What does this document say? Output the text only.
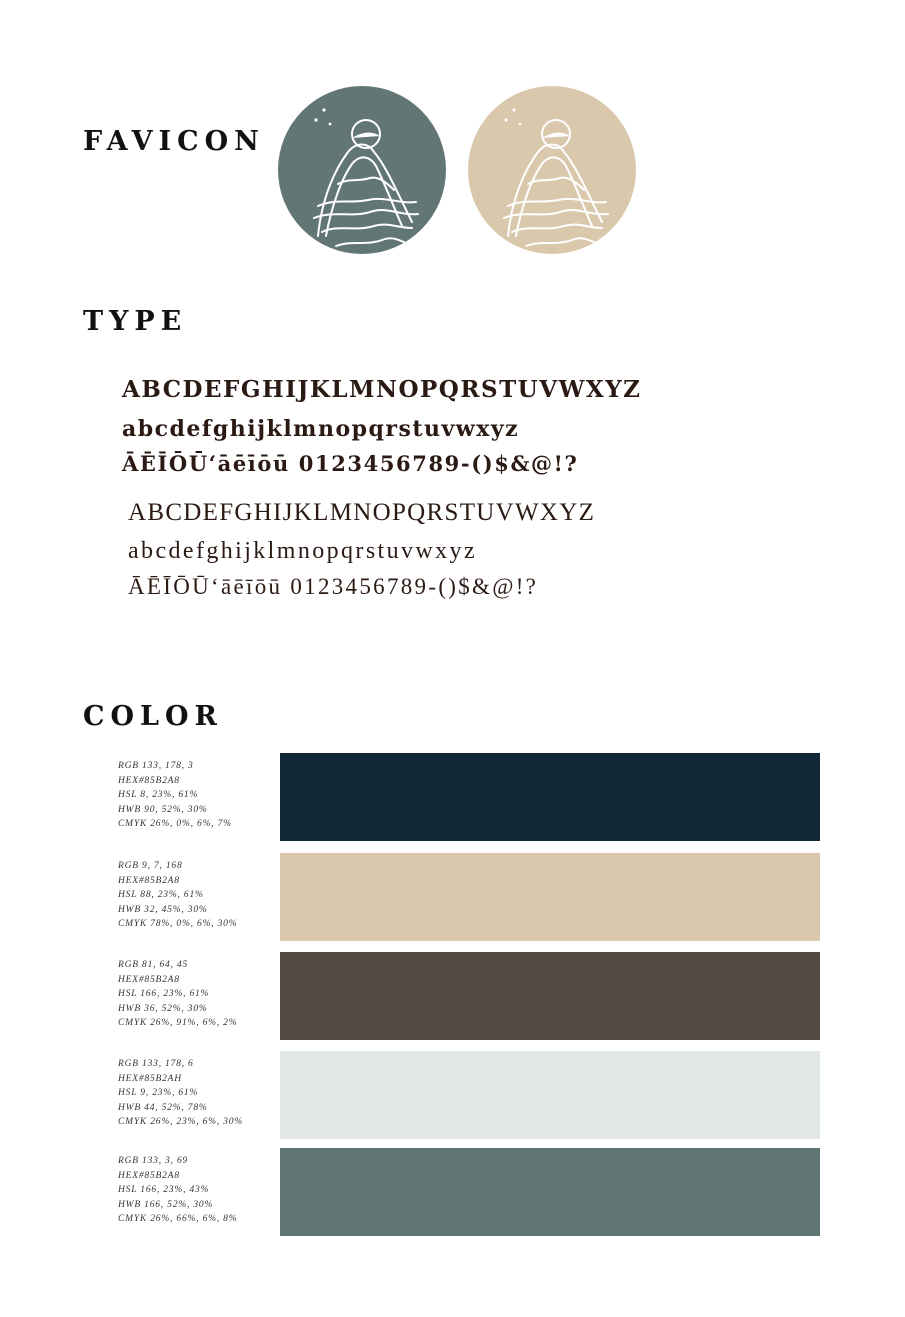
FAVICON
TYPE

ABCDEFGHIJKLMNOPQRSTUVWXYZ

abcdefghijklmnopqrstuvwxyz

ĀĒĪŌŪ‘āēīōū 0123456789-()$&@!?

ABCDEFGHIJKLMNOPQRSTUVWXYZ

abcdefghijklmnopqrstuvwxyz

ĀĒĪŌŪ‘āēīōū 0123456789-()$&@!?

COLOR
RGB 133, 178, 3
HEX#85B2A8
HSL 8, 23%, 61%
HWB 90, 52%, 30%
CMYK 26%, 0%, 6%, 7%
RGB 9, 7, 168
HEX#85B2A8
HSL 88, 23%, 61%
HWB 32, 45%, 30%
CMYK 78%, 0%, 6%, 30%
RGB 81, 64, 45
HEX#85B2A8
HSL 166, 23%, 61%
HWB 36, 52%, 30%
CMYK 26%, 91%, 6%, 2%
RGB 133, 178, 6
HEX#85B2AH
HSL 9, 23%, 61%
HWB 44, 52%, 78%
CMYK 26%, 23%, 6%, 30%
RGB 133, 3, 69
HEX#85B2A8
HSL 166, 23%, 43%
HWB 166, 52%, 30%
CMYK 26%, 66%, 6%, 8%
